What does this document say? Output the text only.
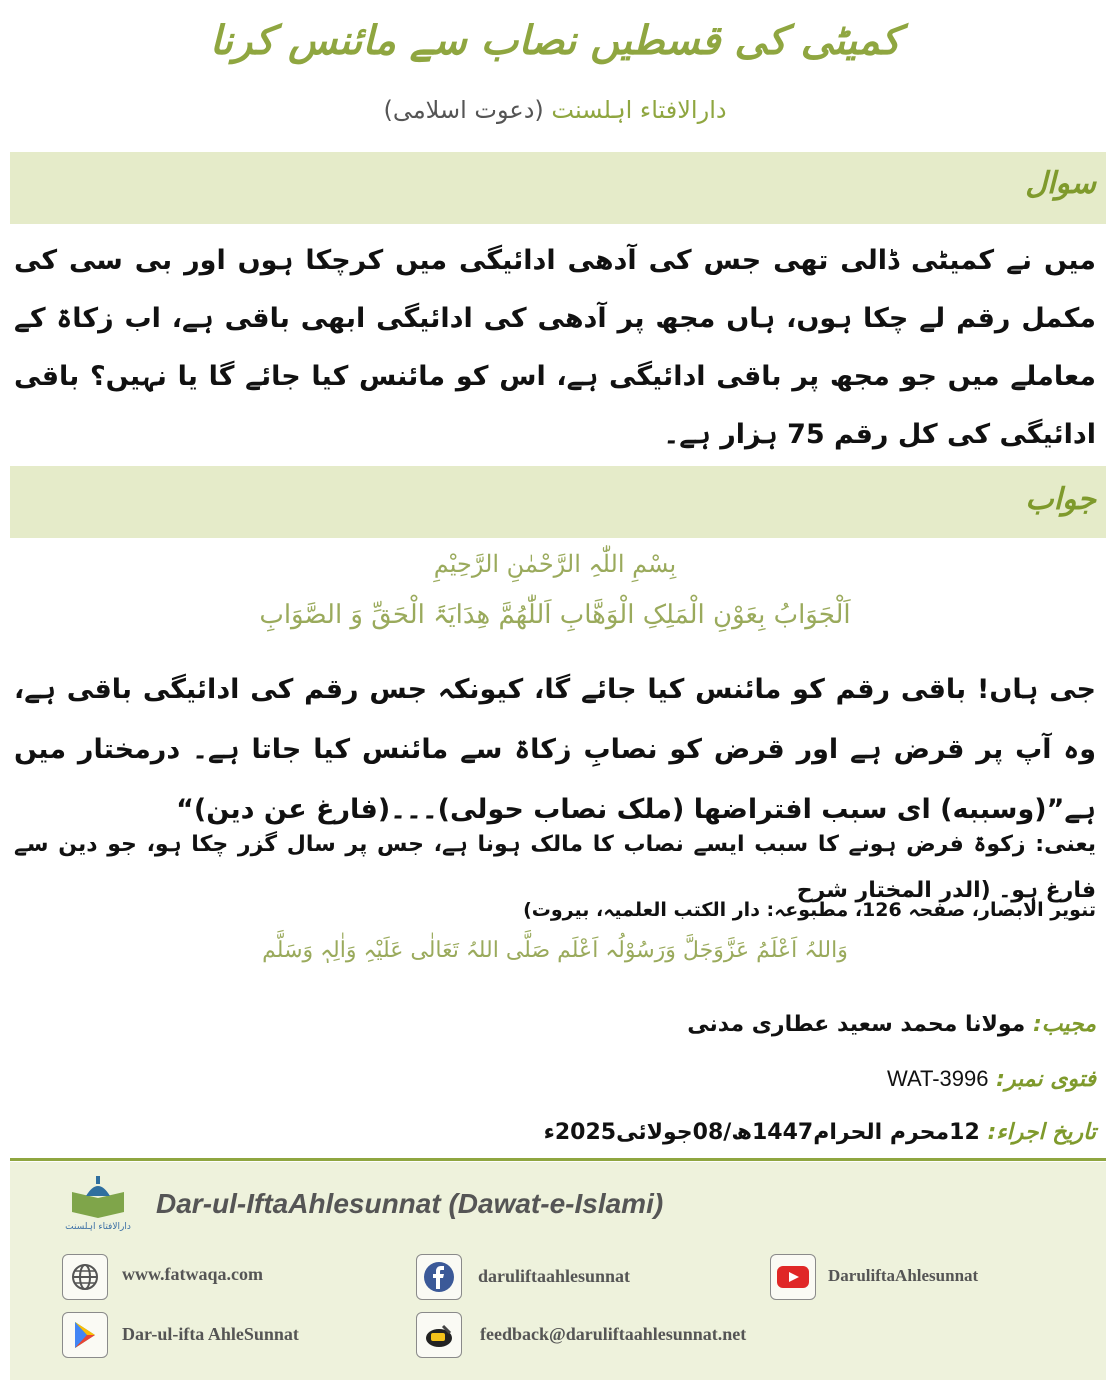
کمیٹی کی قسطیں نصاب سے مائنس کرنا
دارالافتاء اہلسنت (دعوت اسلامی)
سوال
میں نے کمیٹی ڈالی تھی جس کی آدھی ادائیگی میں کرچکا ہوں اور بی سی کی مکمل رقم لے چکا ہوں، ہاں مجھ پر آدھی کی ادائیگی ابھی باقی ہے، اب زکاۃ کے معاملے میں جو مجھ پر باقی ادائیگی ہے، اس کو مائنس کیا جائے گا یا نہیں؟ باقی ادائیگی کی کل رقم 75 ہزار ہے۔
جواب
بِسْمِ اللّٰہِ الرَّحْمٰنِ الرَّحِیْمِ
اَلْجَوَابُ بِعَوْنِ الْمَلِکِ الْوَھَّابِ اَللّٰھُمَّ ھِدَایَۃَ الْحَقِّ وَ الصَّوَابِ
جی ہاں! باقی رقم کو مائنس کیا جائے گا، کیونکہ جس رقم کی ادائیگی باقی ہے، وہ آپ پر قرض ہے اور قرض کو نصابِ زکاۃ سے مائنس کیا جاتا ہے۔ درمختار میں ہے”(وسببه) ای سبب افتراضها (ملک نصاب حولی)۔۔۔(فارغ عن دین)“
یعنی: زکوۃ فرض ہونے کا سبب ایسے نصاب کا مالک ہونا ہے، جس پر سال گزر چکا ہو، جو دین سے فارغ ہو۔ (الدر المختار شرح
تنویر الابصار، صفحہ 126، مطبوعہ: دار الکتب العلمیہ، بیروت)
وَاللہُ اَعْلَمُ عَزَّوَجَلَّ وَرَسُوْلُہ اَعْلَم صَلَّی اللہُ تَعَالٰی عَلَیْہِ وَاٰلِہٖ وَسَلَّم
مجیب: مولانا محمد سعید عطاری مدنی
فتوی نمبر: WAT-3996
تاریخ اجراء: 12محرم الحرام1447ھ/08جولائی2025ء
دارالافتاء اہلسنت
Dar-ul-IftaAhlesunnat (Dawat-e-Islami)
www.fatwaqa.com	daruliftaahlesunnat	DaruliftaAhlesunnat
Dar-ul-ifta AhleSunnat	feedback@daruliftaahlesunnat.net
